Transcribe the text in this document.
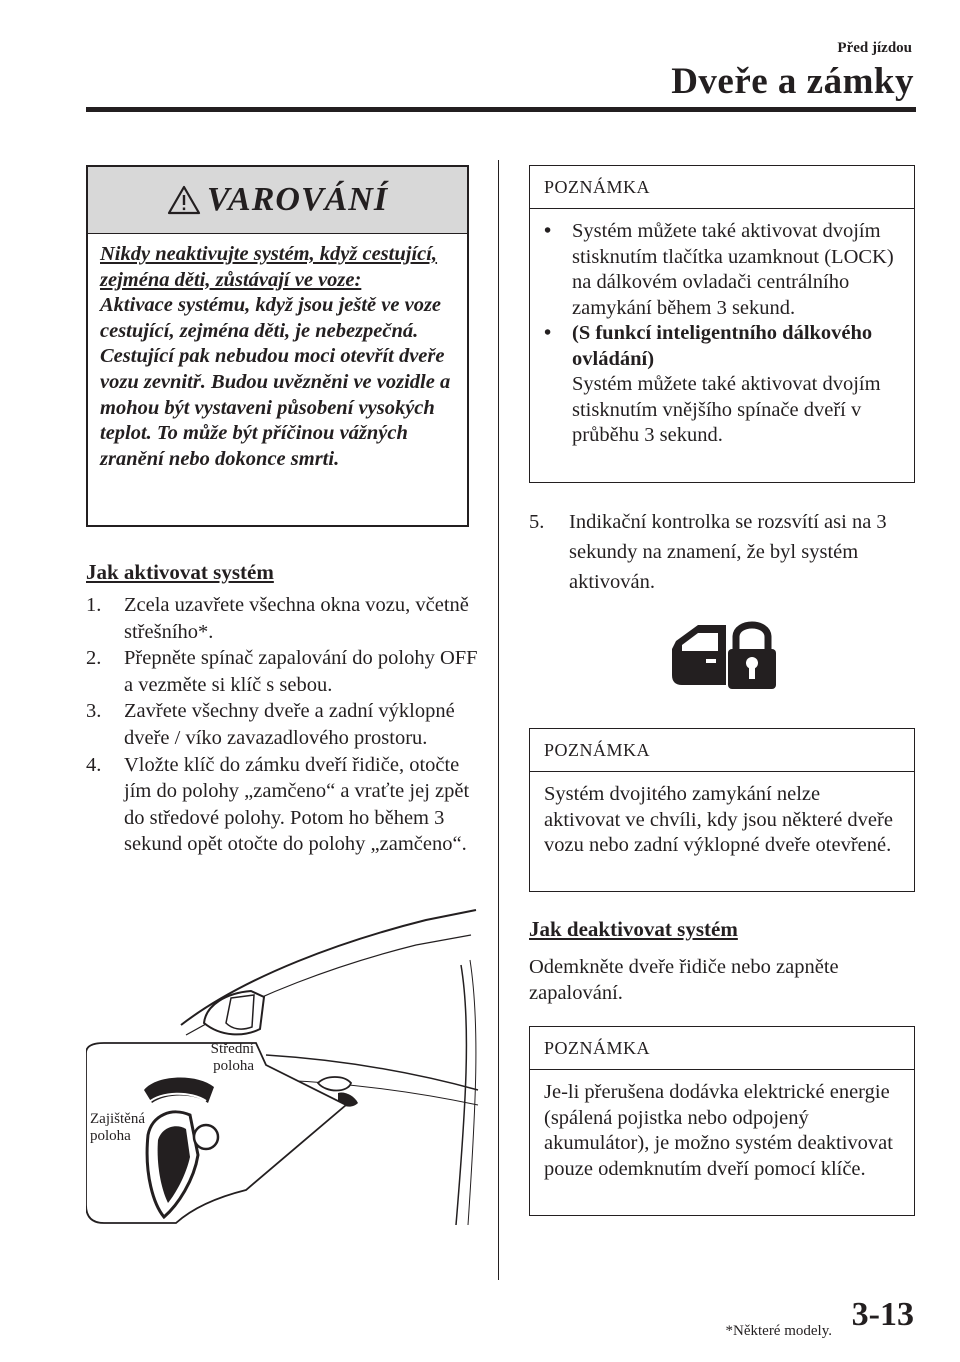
Před jízdou
Dveře a zámky
VAROVÁNÍ
Nikdy neaktivujte systém, když cestující, zejména děti, zůstávají ve voze:
Aktivace systému, když jsou ještě ve voze cestující, zejména děti, je nebezpečná. Cestující pak nebudou moci otevřít dveře vozu zevnitř. Budou uvězněni ve vozidle a mohou být vystaveni působení vysokých teplot. To může být příčinou vážných zranění nebo dokonce smrti.
Jak aktivovat systém
1.	Zcela uzavřete všechna okna vozu, včetně střešního*.
2.	Přepněte spínač zapalování do polohy OFF a vezměte si klíč s sebou.
3.	Zavřete všechny dveře a zadní výklopné dveře / víko zavazadlového prostoru.
4.	Vložte klíč do zámku dveří řidiče, otočte jím do polohy „zamčeno“ a vraťte jej zpět do středové polohy. Potom ho během 3 sekund opět otočte do polohy „zamčeno“.
Střední poloha
Zajištěná poloha
POZNÁMKA
•	Systém můžete také aktivovat dvojím stisknutím tlačítka uzamknout (LOCK) na dálkovém ovladači centrálního zamykání během 3 sekund.
•	(S funkcí inteligentního dálkového ovládání)
Systém můžete také aktivovat dvojím stisknutím vnějšího spínače dveří v průběhu 3 sekund.
5.	Indikační kontrolka se rozsvítí asi na 3 sekundy na znamení, že byl systém aktivován.
POZNÁMKA
Systém dvojitého zamykání nelze aktivovat ve chvíli, kdy jsou některé dveře vozu nebo zadní výklopné dveře otevřené.
Jak deaktivovat systém
Odemkněte dveře řidiče nebo zapněte zapalování.
POZNÁMKA
Je-li přerušena dodávka elektrické energie (spálená pojistka nebo odpojený akumulátor), je možno systém deaktivovat pouze odemknutím dveří pomocí klíče.
*Některé modely. 3-13
